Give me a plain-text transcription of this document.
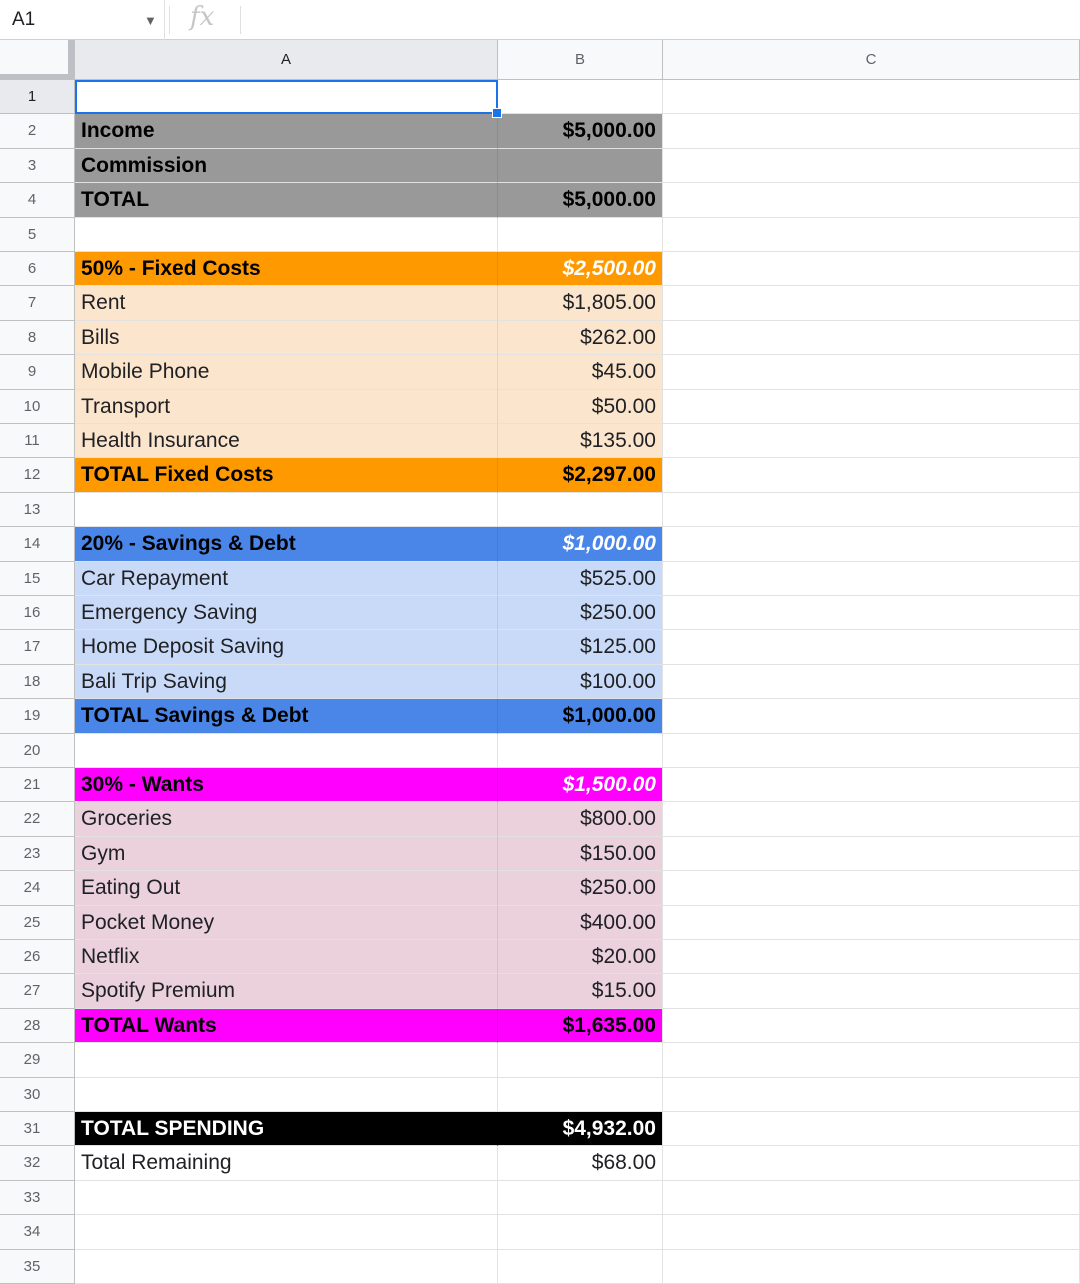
A1	▼ fx
A	B	C
1
2	Income	$5,000.00
3	Commission
4	TOTAL	$5,000.00
5
6	50% - Fixed Costs	$2,500.00
7	Rent	$1,805.00
8	Bills	$262.00
9	Mobile Phone	$45.00
10	Transport	$50.00
11	Health Insurance	$135.00
12	TOTAL Fixed Costs	$2,297.00
13
14	20% - Savings & Debt	$1,000.00
15	Car Repayment	$525.00
16	Emergency Saving	$250.00
17	Home Deposit Saving	$125.00
18	Bali Trip Saving	$100.00
19	TOTAL Savings & Debt	$1,000.00
20
21	30% - Wants	$1,500.00
22	Groceries	$800.00
23	Gym	$150.00
24	Eating Out	$250.00
25	Pocket Money	$400.00
26	Netflix	$20.00
27	Spotify Premium	$15.00
28	TOTAL Wants	$1,635.00
29
30
31	TOTAL SPENDING	$4,932.00
32	Total Remaining	$68.00
33
34
35
